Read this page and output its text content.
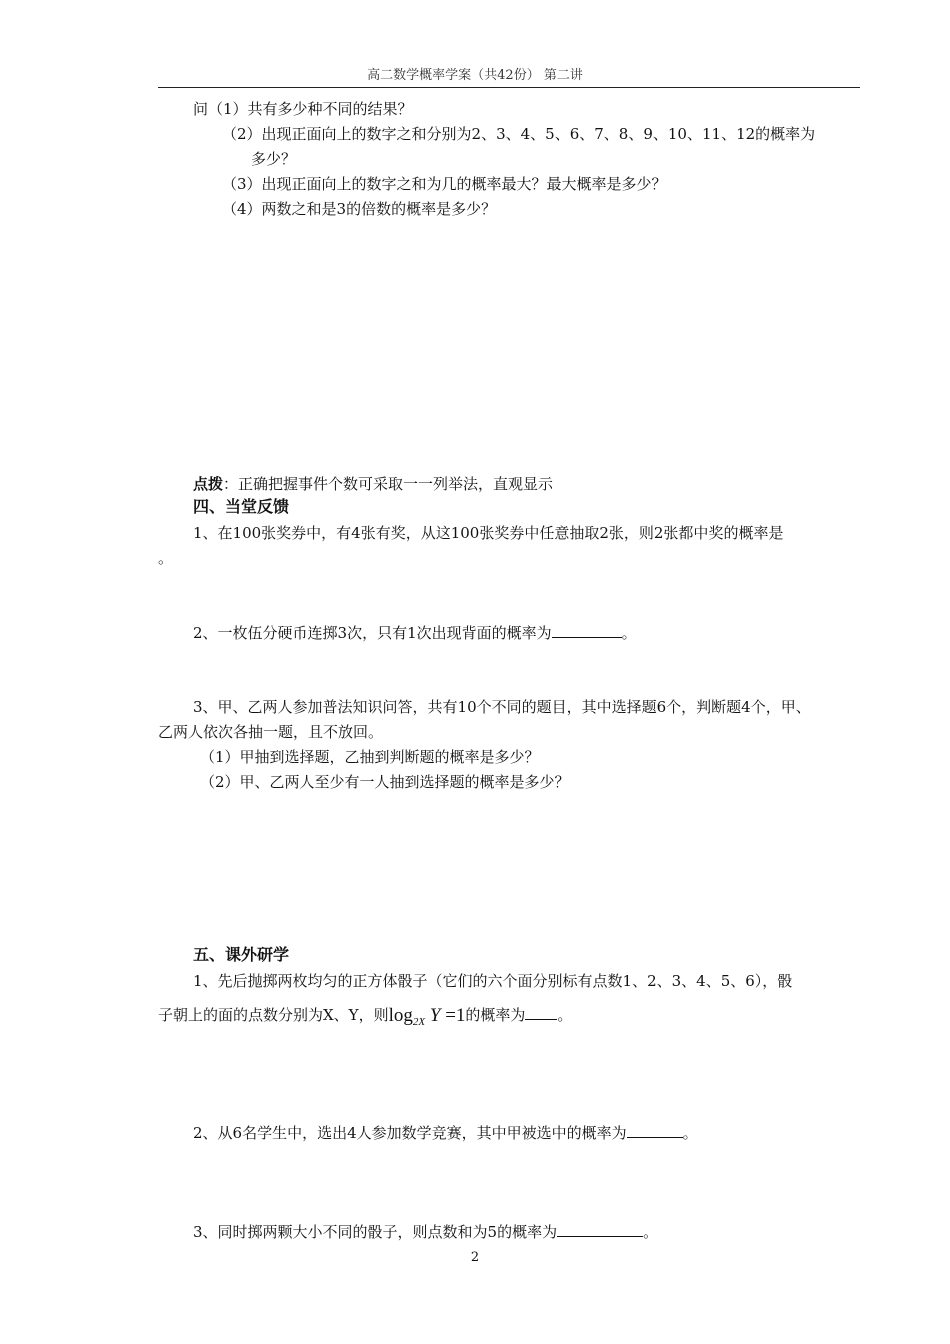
高二数学概率学案（共42份） 第二讲
问（1）共有多少种不同的结果？
（2）出现正面向上的数字之和分别为2、3、4、5、6、7、8、9、10、11、12的概率为
多少？
（3）出现正面向上的数字之和为几的概率最大？最大概率是多少？
（4）两数之和是3的倍数的概率是多少？
点拨：正确把握事件个数可采取一一列举法，直观显示
四、当堂反馈
1、在100张奖券中，有4张有奖，从这100张奖券中任意抽取2张，则2张都中奖的概率是
。
2、一枚伍分硬币连掷3次，只有1次出现背面的概率为	。
3、甲、乙两人参加普法知识问答，共有10个不同的题目，其中选择题6个，判断题4个，甲、
乙两人依次各抽一题，且不放回。
（1）甲抽到选择题，乙抽到判断题的概率是多少？
（2）甲、乙两人至少有一人抽到选择题的概率是多少？
五、课外研学
1、先后抛掷两枚均匀的正方体骰子（它们的六个面分别标有点数1、2、3、4、5、6），骰
子朝上的面的点数分别为X、Y，则$\log_{2X} Y =1$的概率为 。
2、从6名学生中，选出4人参加数学竞赛，其中甲被选中的概率为	。
3、同时掷两颗大小不同的骰子，则点数和为5的概率为	。
2
